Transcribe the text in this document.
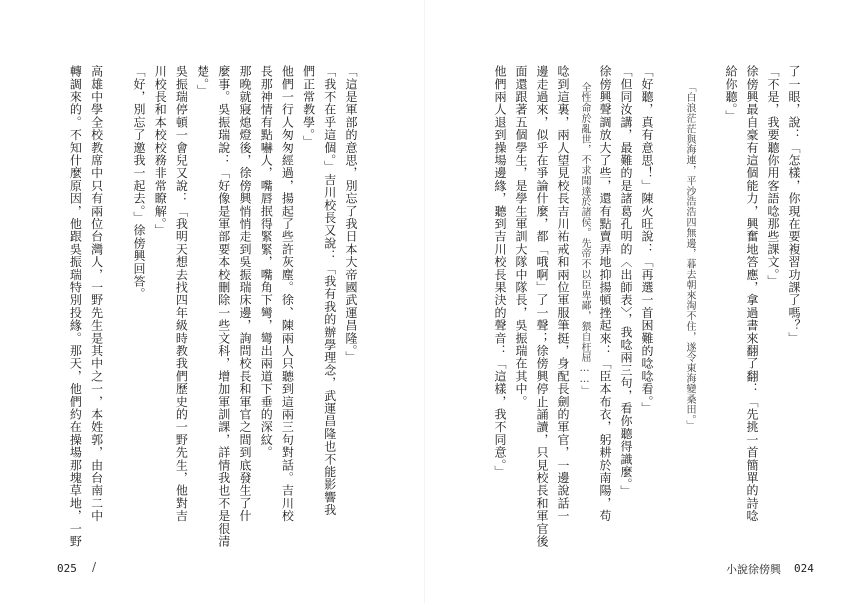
025 /
「這是軍部的意思，別忘了我日本大帝國武運昌隆。」
「我不在乎這個。」吉川校長又說：「我有我的辦學理念，武運昌隆也不能影響我
們正常教學。」
他們一行人匆匆經過，揚起了些許灰塵。徐、陳兩人只聽到這兩三句對話。吉川校
長那神情有點嚇人，嘴唇抿得緊緊，嘴角下彎，彎出兩道下垂的深紋。
那晚就寢熄燈後，徐傍興悄悄走到吳振瑞床邊，詢問校長和軍官之間到底發生了什
麼事。吳振瑞說：「好像是軍部要本校刪除一些文科，增加軍訓課，詳情我也不是很清
楚。」
吳振瑞停頓一會兒又說：「我明天想去找四年級時教我們歷史的一野先生，他對吉
川校長和本校校務非常瞭解。」
「好，別忘了邀我一起去。」徐傍興回答。
高雄中學全校教席中只有兩位台灣人，一野先生是其中之一，本姓郭，由台南二中
轉調來的。不知什麼原因，他跟吳振瑞特別投緣。那天，他們約在操場那塊草地，一野
小說徐傍興 024
了一眼，說：「怎樣，你現在要複習功課了嗎？」
「不是，我要聽你用客語唸那些課文。」
徐傍興最自豪有這個能力，興奮地答應，拿過書來翻了翻：「先挑一首簡單的詩唸
給你聽。」
「白浪茫茫與海連，平沙浩浩四無邊，暮去朝來淘不住，遂令東海變桑田。」
「好聽，真有意思！」陳火旺說：「再選一首困難的唸唸看。」
「但同汝講，最難的是諸葛孔明的〈出師表〉，我唸兩三句，看你聽得識麼。」
徐傍興聲調放大了些，還有點賣弄地抑揚頓挫起來：「臣本布衣，躬耕於南陽，苟
全性命於亂世，不求聞達於諸侯。先帝不以臣卑鄙，猥自枉屈……」
唸到這裏，兩人望見校長吉川祐戒和兩位軍服筆挺，身配長劍的軍官，一邊說話一
邊走過來，似乎在爭論什麼，都「哦啊」了一聲；徐傍興停止誦讀，只見校長和軍官後
面還跟著五個學生，是學生軍訓大隊中隊長，吳振瑞在其中。
他們兩人退到操場邊緣，聽到吉川校長果決的聲音：「這樣，我不同意。」
